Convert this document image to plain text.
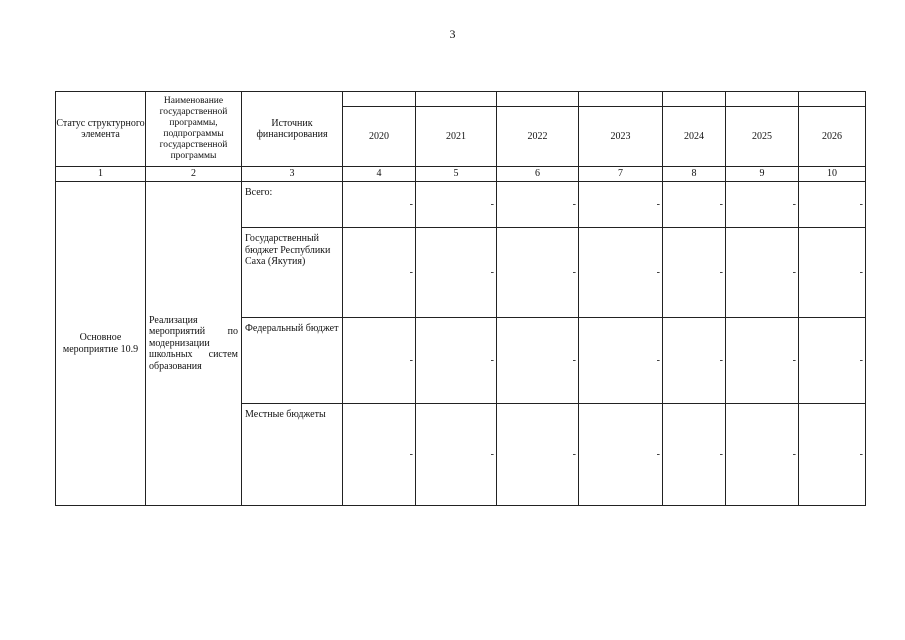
3
Статус структурного элемента	Наименование государственной программы, подпрограммы государственной программы	Источник финансирования							
			2020	2021	2022	2023	2024	2025	2026
1	2	3	4	5	6	7	8	9	10
Основное мероприятие 10.9	Реализация мероприятий по модернизации школьных систем образования	Всего:	-	-	-	-	-	-	-
		Государственный бюджет Республики Саха (Якутия)	-	-	-	-	-	-	-
		Федеральный бюджет	-	-	-	-	-	-	-
		Местные бюджеты	-	-	-	-	-	-	-
